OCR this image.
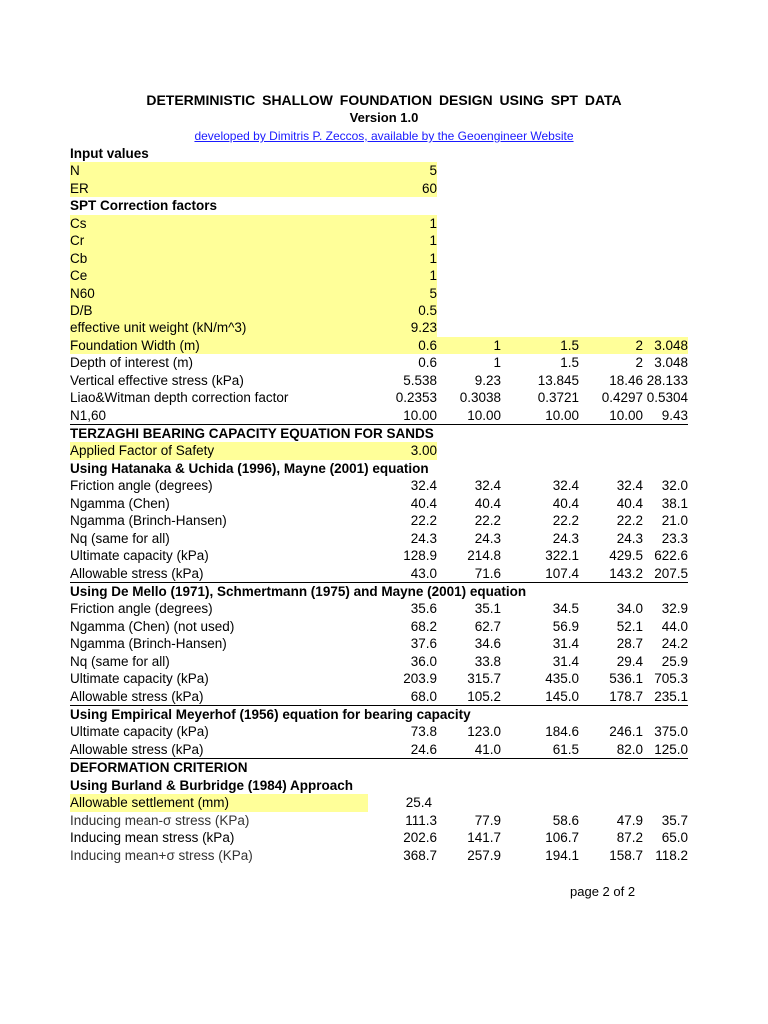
DETERMINISTIC SHALLOW FOUNDATION DESIGN USING SPT DATA
Version 1.0
developed by Dimitris P. Zeccos, available by the Geoengineer Website
Input values
N	5
ER	60
SPT Correction factors
Cs	1
Cr	1
Cb	1
Ce	1
N60	5
D/B	0.5
effective unit weight (kN/m^3)	9.23
Foundation Width (m)	0.6	1	1.5	2 3.048
Depth of interest (m)	0.6	1	1.5	2 3.048
Vertical effective stress (kPa)	5.538	9.23	13.845	18.46 28.133
Liao&Witman depth correction factor	0.2353	0.3038	0.3721	0.4297 0.5304
N1,60	10.00	10.00	10.00	10.00	9.43
TERZAGHI BEARING CAPACITY EQUATION FOR SANDS
Applied Factor of Safety	3.00
Using Hatanaka & Uchida (1996), Mayne (2001) equation
Friction angle (degrees)	32.4	32.4	32.4	32.4	32.0
Ngamma (Chen)	40.4	40.4	40.4	40.4	38.1
Ngamma (Brinch-Hansen)	22.2	22.2	22.2	22.2	21.0
Nq (same for all)	24.3	24.3	24.3	24.3	23.3
Ultimate capacity (kPa)	128.9	214.8	322.1	429.5 622.6
Allowable stress (kPa)	43.0	71.6	107.4	143.2 207.5
Using De Mello (1971), Schmertmann (1975) and Mayne (2001) equation
Friction angle (degrees)	35.6	35.1	34.5	34.0	32.9
Ngamma (Chen) (not used)	68.2	62.7	56.9	52.1	44.0
Ngamma (Brinch-Hansen)	37.6	34.6	31.4	28.7	24.2
Nq (same for all)	36.0	33.8	31.4	29.4	25.9
Ultimate capacity (kPa)	203.9	315.7	435.0	536.1 705.3
Allowable stress (kPa)	68.0	105.2	145.0	178.7 235.1
Using Empirical Meyerhof (1956) equation for bearing capacity
Ultimate capacity (kPa)	73.8	123.0	184.6	246.1 375.0
Allowable stress (kPa)	24.6	41.0	61.5	82.0 125.0
DEFORMATION CRITERION
Using Burland & Burbridge (1984) Approach
Allowable settlement (mm)	25.4
Inducing mean-σ stress (KPa)	111.3	77.9	58.6	47.9	35.7
Inducing mean stress (kPa)	202.6	141.7	106.7	87.2	65.0
Inducing mean+σ stress (KPa)	368.7	257.9	194.1	158.7 118.2
page 2 of 2
